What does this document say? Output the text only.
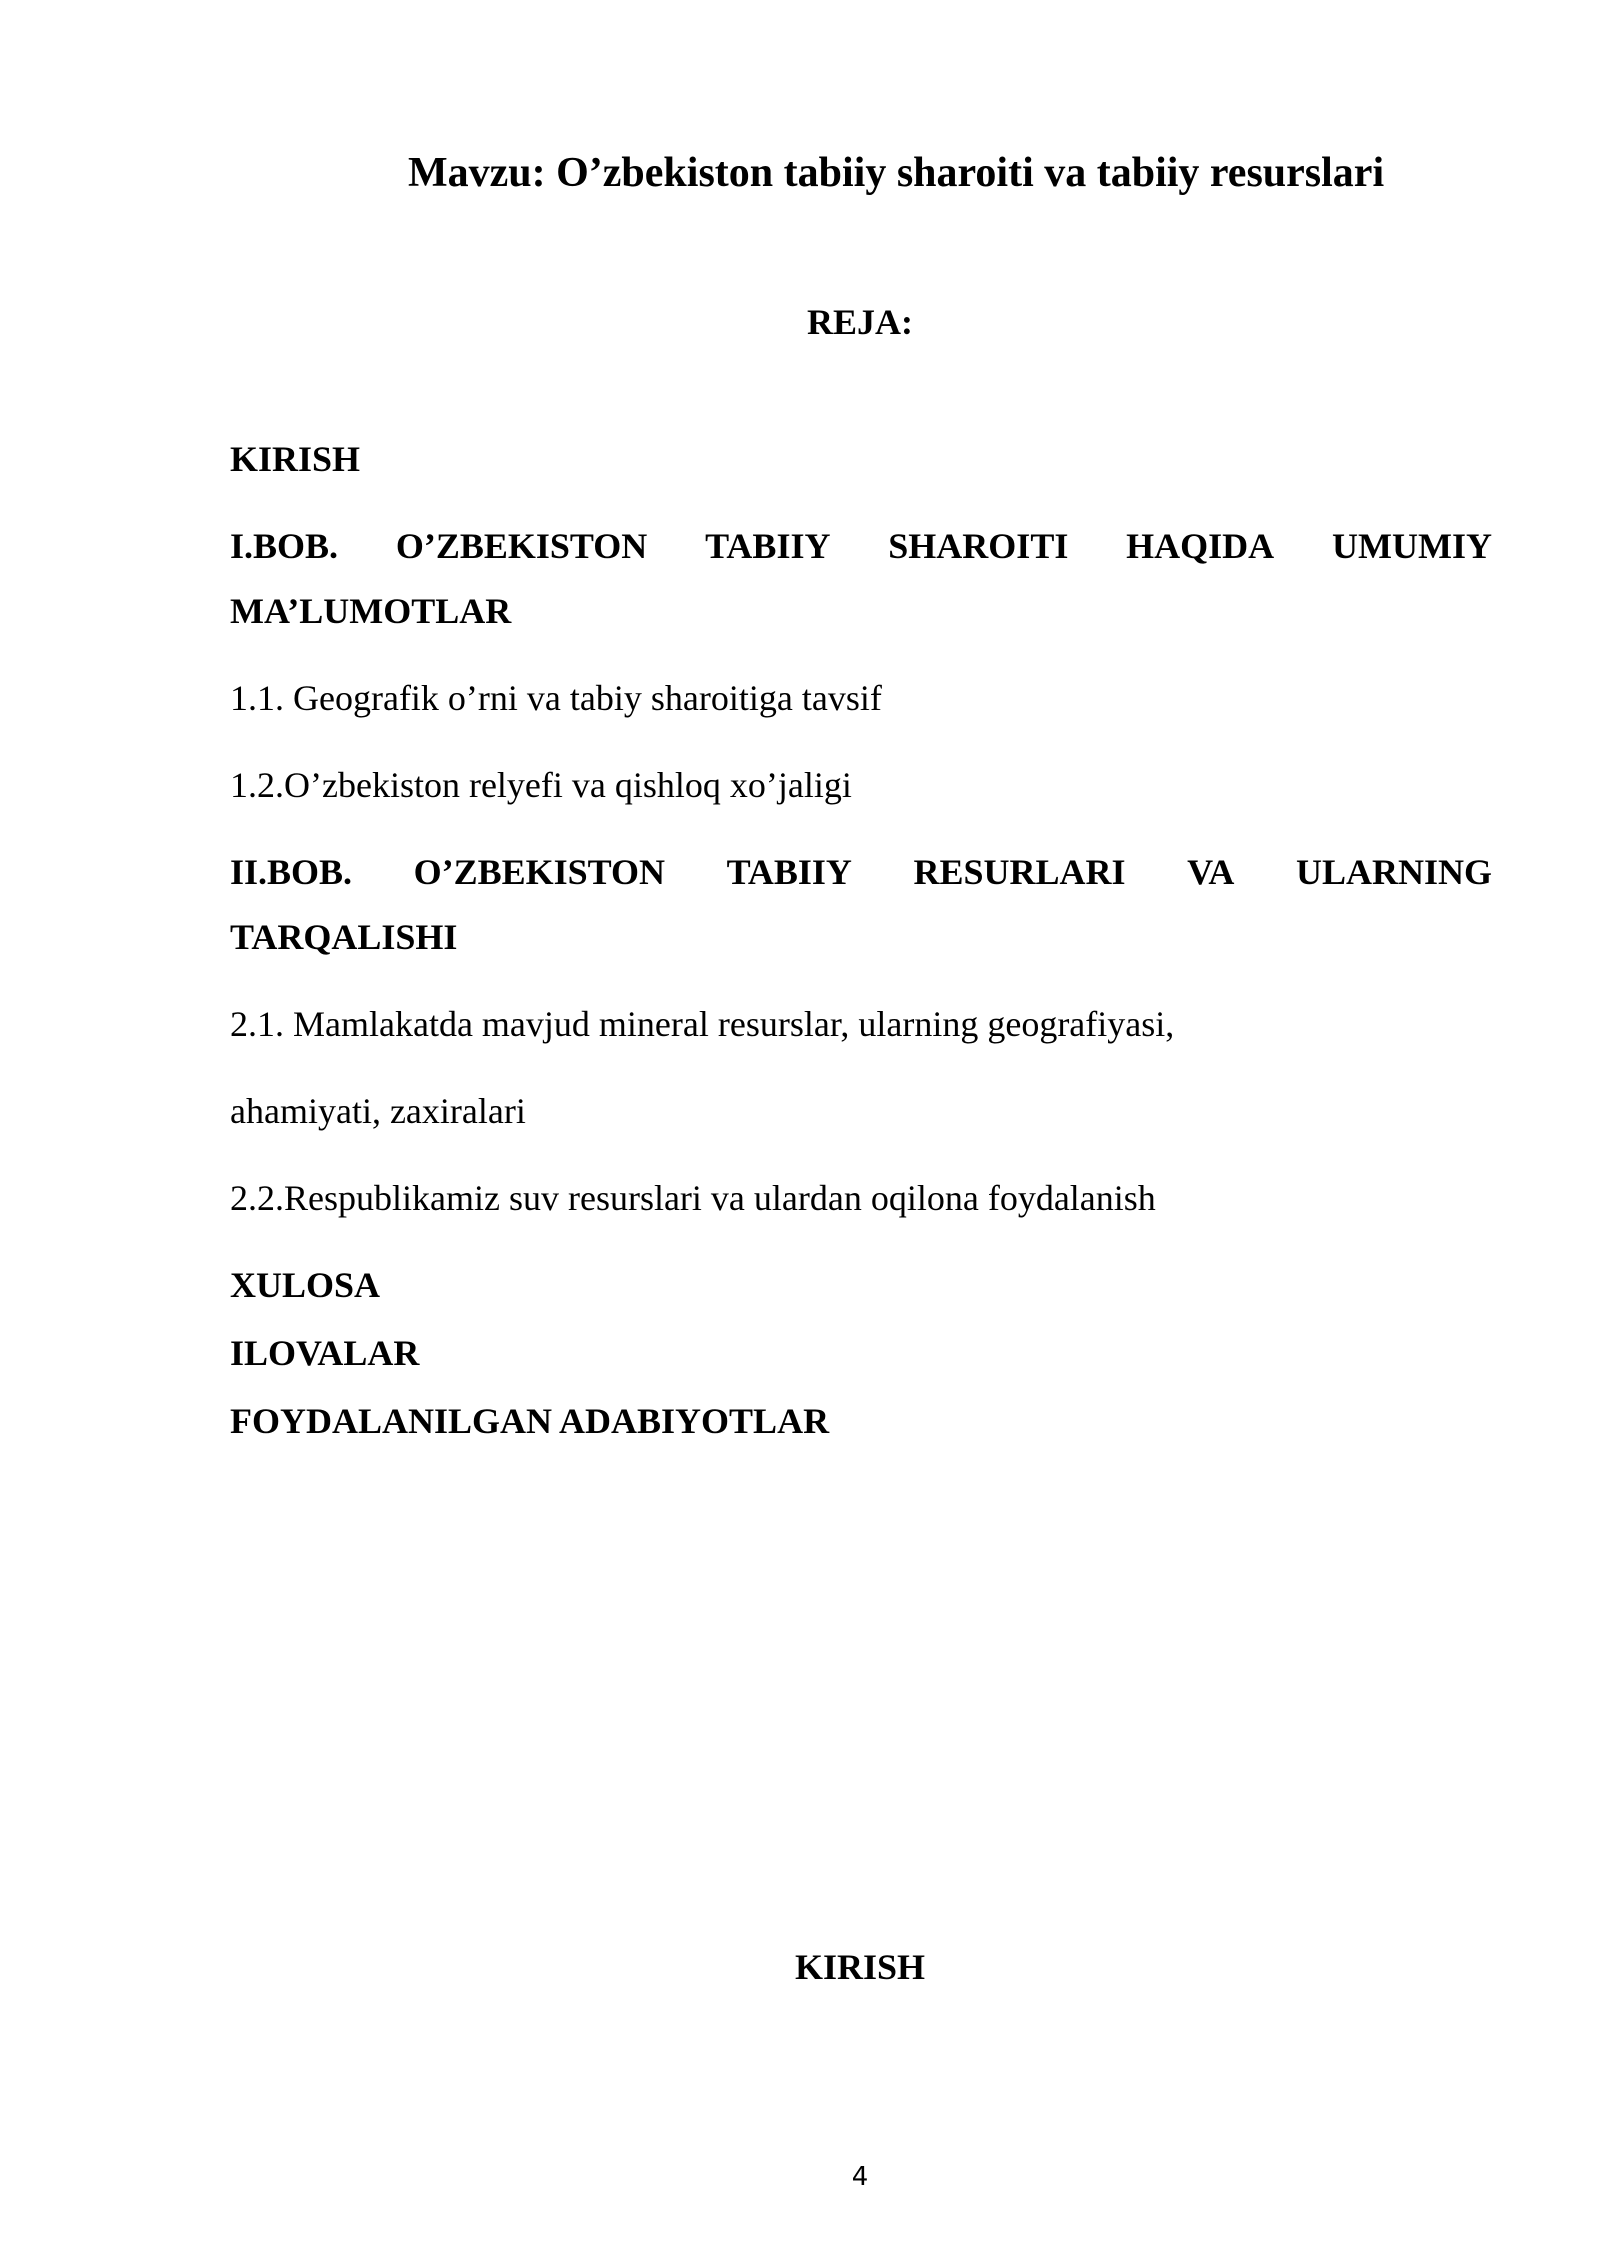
Mavzu: O’zbekiston tabiiy sharoiti va tabiiy resurslari
REJA:
KIRISH
I.BOB. O’ZBEKISTON TABIIY SHAROITI HAQIDA UMUMIY
MA’LUMOTLAR
1.1. Geografik o’rni va tabiy sharoitiga tavsif
1.2.O’zbekiston relyefi va qishloq xo’jaligi
II.BOB. O’ZBEKISTON TABIIY RESURLARI VA ULARNING
TARQALISHI
2.1. Mamlakatda mavjud mineral resurslar, ularning geografiyasi,
ahamiyati, zaxiralari
2.2.Respublikamiz suv resurslari va ulardan oqilona foydalanish
XULOSA
ILOVALAR
FOYDALANILGAN ADABIYOTLAR
KIRISH
4
